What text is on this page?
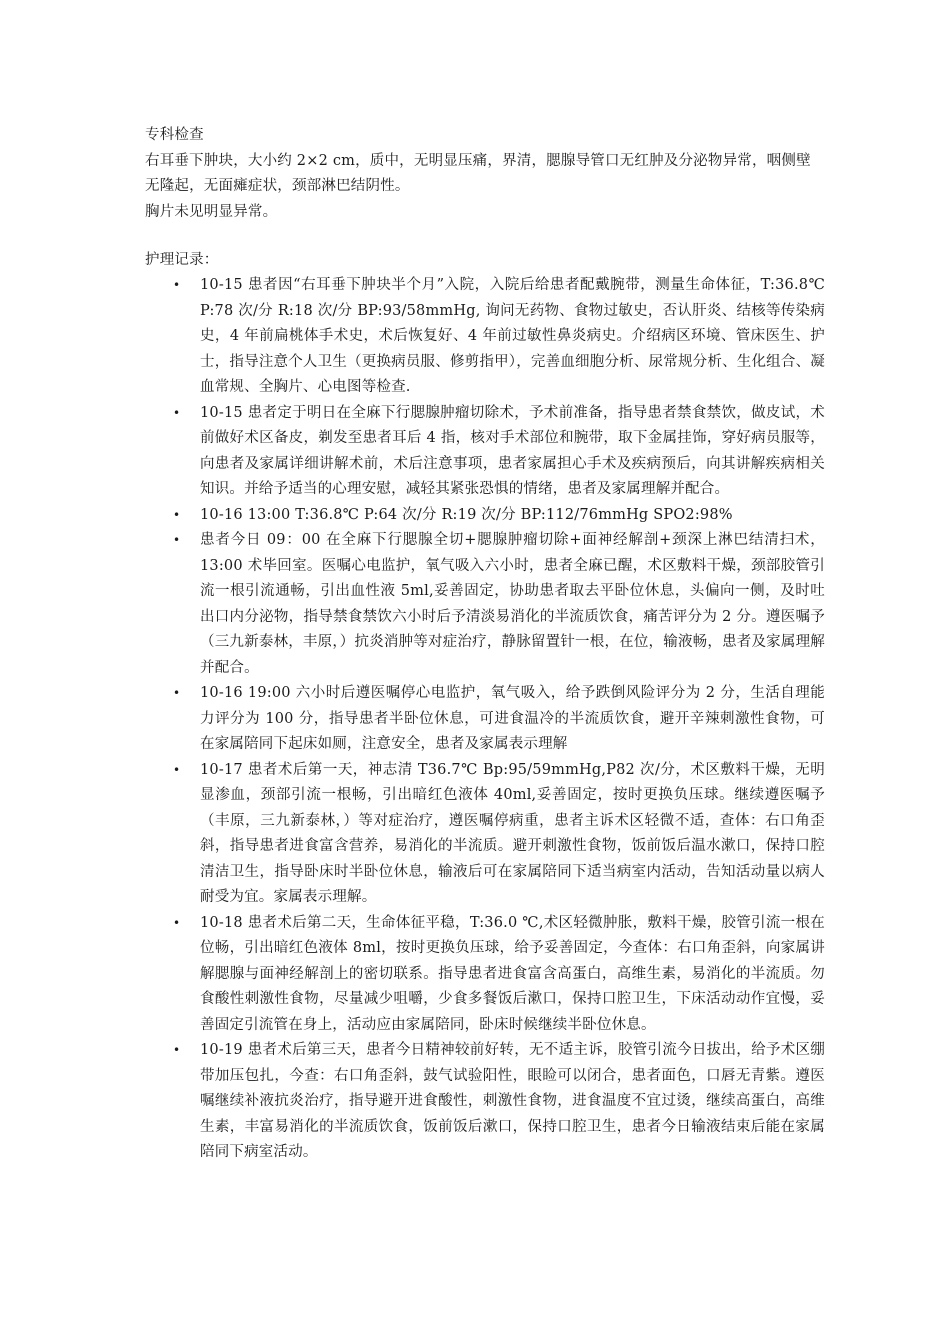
专科检查

右耳垂下肿块，大小约 2×2 cm，质中，无明显压痛，界清，腮腺导管口无红肿及分泌物异常，咽侧壁无隆起，无面瘫症状，颈部淋巴结阴性。

胸片未见明显异常。

护理记录：

• 10-15 患者因“右耳垂下肿块半个月”入院，入院后给患者配戴腕带，测量生命体征，T:36.8℃ P:78 次/分 R:18 次/分 BP:93/58mmHg, 询问无药物、食物过敏史，否认肝炎、结核等传染病史，4 年前扁桃体手术史，术后恢复好、4 年前过敏性鼻炎病史。介绍病区环境、管床医生、护士，指导注意个人卫生（更换病员服、修剪指甲），完善血细胞分析、尿常规分析、生化组合、凝血常规、全胸片、心电图等检查.
• 10-15 患者定于明日在全麻下行腮腺肿瘤切除术，予术前准备，指导患者禁食禁饮，做皮试，术前做好术区备皮，剃发至患者耳后 4 指，核对手术部位和腕带，取下金属挂饰，穿好病员服等，向患者及家属详细讲解术前，术后注意事项，患者家属担心手术及疾病预后，向其讲解疾病相关知识。并给予适当的心理安慰，减轻其紧张恐惧的情绪，患者及家属理解并配合。
• 10-16 13:00 T:36.8℃ P:64 次/分 R:19 次/分 BP:112/76mmHg SPO2:98%
• 患者今日 09：00 在全麻下行腮腺全切+腮腺肿瘤切除+面神经解剖+颈深上淋巴结清扫术，13:00 术毕回室。医嘱心电监护，氧气吸入六小时，患者全麻已醒，术区敷料干燥，颈部胶管引流一根引流通畅，引出血性液 5ml,妥善固定，协助患者取去平卧位休息，头偏向一侧，及时吐出口内分泌物，指导禁食禁饮六小时后予清淡易消化的半流质饮食，痛苦评分为 2 分。遵医嘱予（三九新泰林，丰原，）抗炎消肿等对症治疗，静脉留置针一根，在位，输液畅，患者及家属理解并配合。
• 10-16 19:00 六小时后遵医嘱停心电监护，氧气吸入，给予跌倒风险评分为 2 分，生活自理能力评分为 100 分，指导患者半卧位休息，可进食温冷的半流质饮食，避开辛辣刺激性食物，可在家属陪同下起床如厕，注意安全，患者及家属表示理解
• 10-17 患者术后第一天，神志清 T36.7℃ Bp:95/59mmHg,P82 次/分，术区敷料干燥，无明显渗血，颈部引流一根畅，引出暗红色液体 40ml,妥善固定，按时更换负压球。继续遵医嘱予（丰原，三九新泰林，）等对症治疗，遵医嘱停病重，患者主诉术区轻微不适，查体：右口角歪斜，指导患者进食富含营养，易消化的半流质。避开刺激性食物，饭前饭后温水漱口，保持口腔清洁卫生，指导卧床时半卧位休息，输液后可在家属陪同下适当病室内活动，告知活动量以病人耐受为宜。家属表示理解。
• 10-18 患者术后第二天，生命体征平稳，T:36.0 ℃,术区轻微肿胀，敷料干燥，胶管引流一根在位畅，引出暗红色液体 8ml，按时更换负压球，给予妥善固定，今查体：右口角歪斜，向家属讲解腮腺与面神经解剖上的密切联系。指导患者进食富含高蛋白，高维生素，易消化的半流质。勿食酸性刺激性食物，尽量减少咀嚼，少食多餐饭后漱口，保持口腔卫生，下床活动动作宜慢，妥善固定引流管在身上，活动应由家属陪同，卧床时候继续半卧位休息。
• 10-19 患者术后第三天，患者今日精神较前好转，无不适主诉，胶管引流今日拔出，给予术区绷带加压包扎，今查：右口角歪斜，鼓气试验阳性，眼睑可以闭合，患者面色，口唇无青紫。遵医嘱继续补液抗炎治疗，指导避开进食酸性，刺激性食物，进食温度不宜过烫，继续高蛋白，高维生素，丰富易消化的半流质饮食，饭前饭后漱口，保持口腔卫生，患者今日输液结束后能在家属陪同下病室活动。
